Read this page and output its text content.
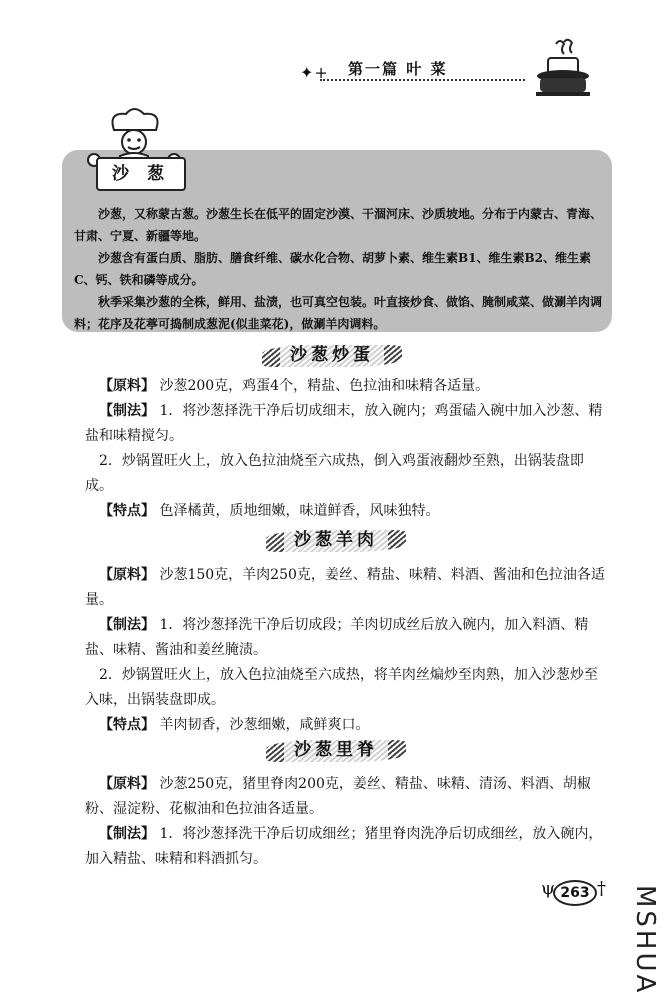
✦+ 第一篇 叶 菜
沙 葱

沙葱，又称蒙古葱。沙葱生长在低平的固定沙漠、干涸河床、沙质坡地。分布于内蒙古、青海、甘肃、宁夏、新疆等地。

沙葱含有蛋白质、脂肪、膳食纤维、碳水化合物、胡萝卜素、维生素B1、维生素B2、维生素C、钙、铁和磷等成分。

秋季采集沙葱的全株，鲜用、盐渍，也可真空包装。叶直接炒食、做馅、腌制咸菜、做涮羊肉调料；花序及花葶可捣制成葱泥(似韭菜花)，做涮羊肉调料。

沙葱炒蛋

【原料】 沙葱200克，鸡蛋4个，精盐、色拉油和味精各适量。

【制法】 1．将沙葱择洗干净后切成细末，放入碗内；鸡蛋磕入碗中加入沙葱、精盐和味精搅匀。

2．炒锅置旺火上，放入色拉油烧至六成热，倒入鸡蛋液翻炒至熟，出锅装盘即成。

【特点】 色泽橘黄，质地细嫩，味道鲜香，风味独特。

沙葱羊肉

【原料】 沙葱150克，羊肉250克，姜丝、精盐、味精、料酒、酱油和色拉油各适量。

【制法】 1．将沙葱择洗干净后切成段；羊肉切成丝后放入碗内，加入料酒、精盐、味精、酱油和姜丝腌渍。

2．炒锅置旺火上，放入色拉油烧至六成热，将羊肉丝煸炒至肉熟，加入沙葱炒至入味，出锅装盘即成。

【特点】 羊肉韧香，沙葱细嫩，咸鲜爽口。

沙葱里脊

【原料】 沙葱250克，猪里脊肉200克，姜丝、精盐、味精、清汤、料酒、胡椒粉、湿淀粉、花椒油和色拉油各适量。

【制法】 1．将沙葱择洗干净后切成细丝；猪里脊肉洗净后切成细丝，放入碗内，加入精盐、味精和料酒抓匀。

ψ 263 † MSHUA
